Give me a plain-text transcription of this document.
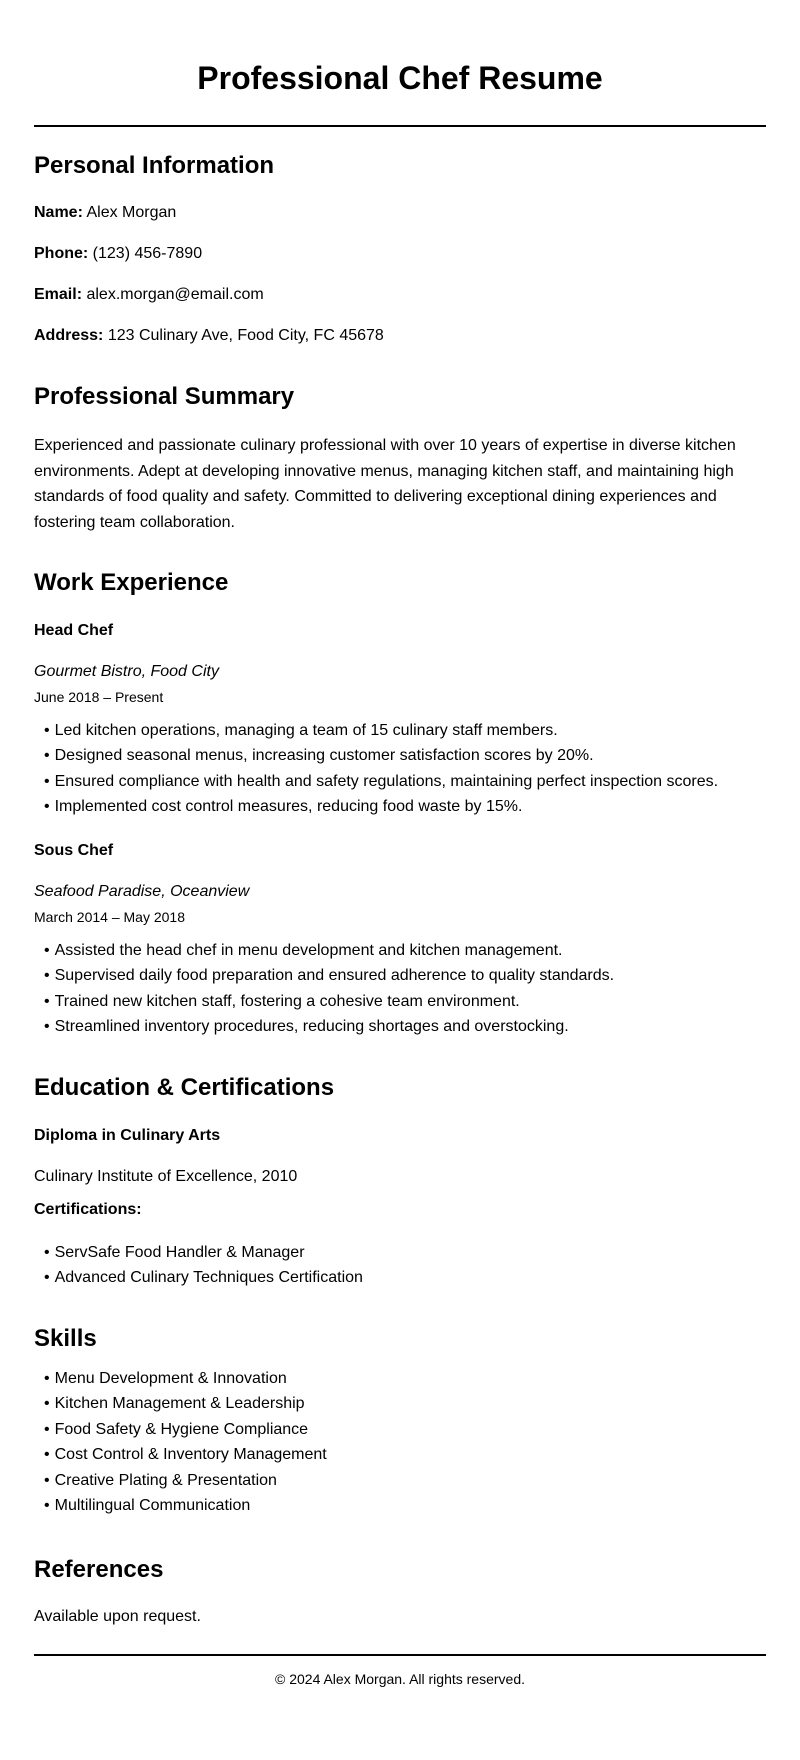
Professional Chef Resume
Personal Information

Name: Alex Morgan

Phone: (123) 456-7890

Email: alex.morgan@email.com

Address: 123 Culinary Ave, Food City, FC 45678

Professional Summary

Experienced and passionate culinary professional with over 10 years of expertise in diverse kitchen environments. Adept at developing innovative menus, managing kitchen staff, and maintaining high standards of food quality and safety. Committed to delivering exceptional dining experiences and fostering team collaboration.

Work Experience
Head Chef

Gourmet Bistro, Food City

June 2018 – Present

• Led kitchen operations, managing a team of 15 culinary staff members.
• Designed seasonal menus, increasing customer satisfaction scores by 20%.
• Ensured compliance with health and safety regulations, maintaining perfect inspection scores.
• Implemented cost control measures, reducing food waste by 15%.
Sous Chef

Seafood Paradise, Oceanview

March 2014 – May 2018

• Assisted the head chef in menu development and kitchen management.
• Supervised daily food preparation and ensured adherence to quality standards.
• Trained new kitchen staff, fostering a cohesive team environment.
• Streamlined inventory procedures, reducing shortages and overstocking.
Education & Certifications
Diploma in Culinary Arts

Culinary Institute of Excellence, 2010

Certifications:
• ServSafe Food Handler & Manager
• Advanced Culinary Techniques Certification
Skills
• Menu Development & Innovation
• Kitchen Management & Leadership
• Food Safety & Hygiene Compliance
• Cost Control & Inventory Management
• Creative Plating & Presentation
• Multilingual Communication
References

Available upon request.

© 2024 Alex Morgan. All rights reserved.
